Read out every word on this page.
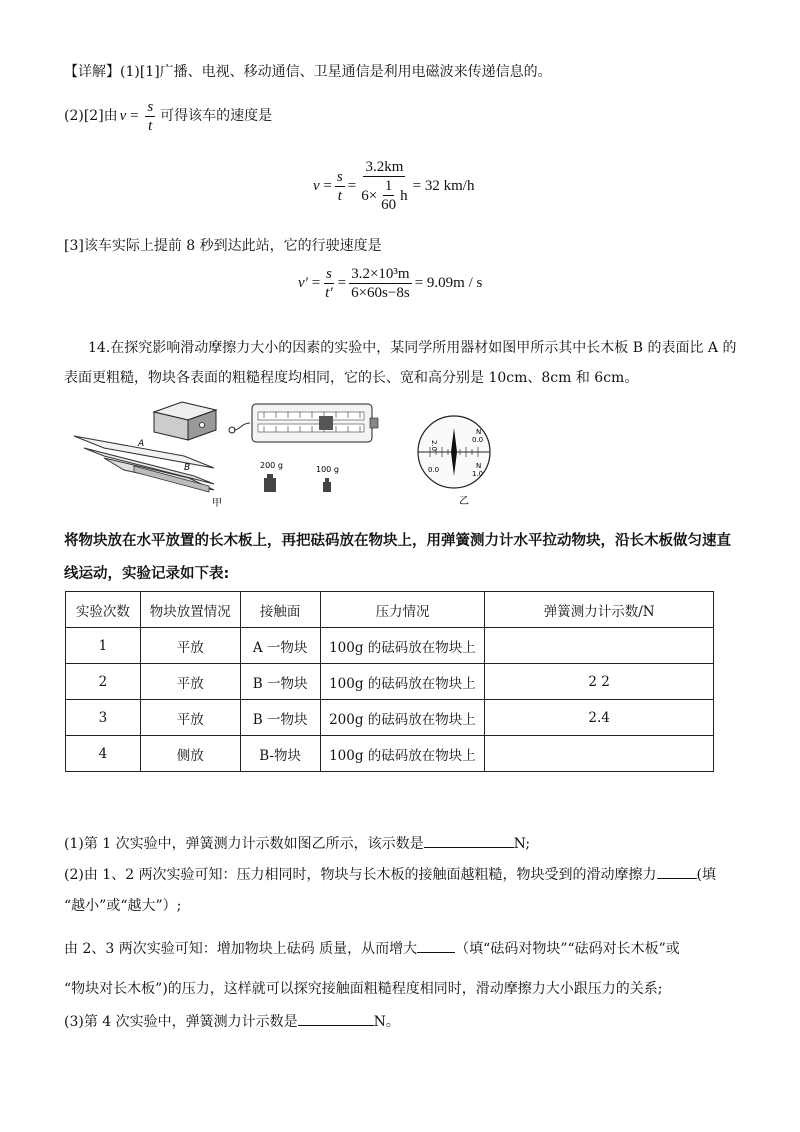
【详解】(1)[1]广播、电视、移动通信、卫星通信是利用电磁波来传递信息的。
(2)[2]由 $v = \frac{s}{t}$ 可得该车的速度是
$v = \frac{s}{t} = \frac{3.2km}{6\times \frac{1}{60} h} = 32$ km/h
[3]该车实际上提前 8 秒到达此站，它的行驶速度是
$v' = \frac{s}{t'} = \frac{\text{3.2×10³m}}{6\times 60s-8s} = 9.09m / s$
14.在探究影响滑动摩擦力大小的因素的实验中，某同学所用器材如图甲所示其中长木板 B 的表面比 A 的
表面更粗糙，物块各表面的粗糙程度均相同，它的长、宽和高分别是 10cm、8cm 和 6cm。
A
B	200 g	100 g
甲
2.0
N
0.0
0.0	N
1.0
乙
将物块放在水平放置的长木板上，再把砝码放在物块上，用弹簧测力计水平拉动物块，沿长木板做匀速直
线运动，实验记录如下表:
实验次数	物块放置情况	接触面	压力情况	弹簧测力计示数/N
1	平放	A 一物块	100g 的砝码放在物块上	
2	平放	B 一物块	100g 的砝码放在物块上	2 2
3	平放	B 一物块	200g 的砝码放在物块上	2.4
4	侧放	B-物块	100g 的砝码放在物块上	
(1)第 1 次实验中，弹簧测力计示数如图乙所示，该示数是	N;
(2)由 1、2 两次实验可知：压力相同时，物块与长木板的接触面越粗糙，物块受到的滑动摩擦力	(填
“越小”或“越大”）;
由 2、3 两次实验可知：增加物块上砝码 质量，从而增大	（填“砝码对物块”“砝码对长木板”或
“物块对长木板”)的压力，这样就可以探究接触面粗糙程度相同时，滑动摩擦力大小跟压力的关系;
(3)第 4 次实验中，弹簧测力计示数是	N。
